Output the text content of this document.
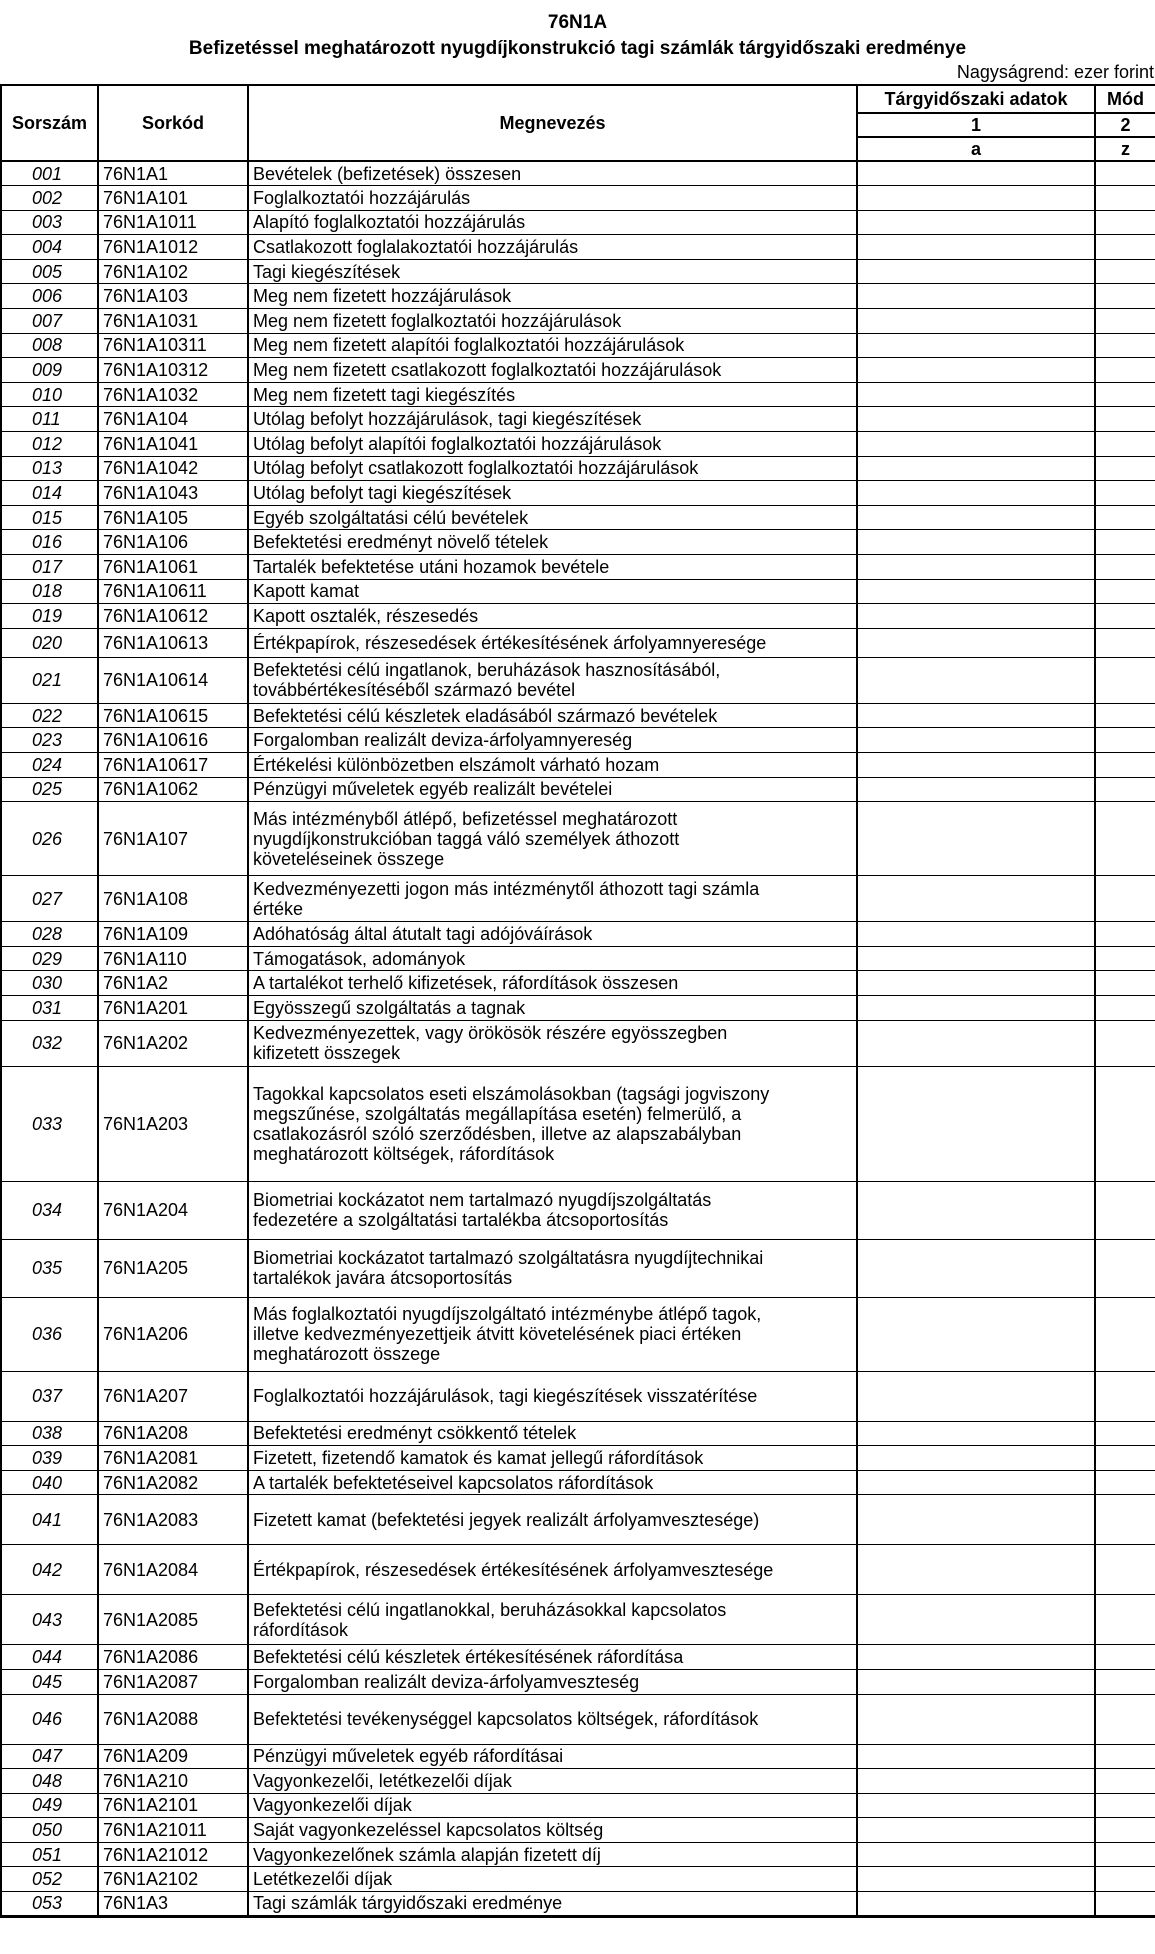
76N1A
Befizetéssel meghatározott nyugdíjkonstrukció tagi számlák tárgyidőszaki eredménye
Nagyságrend: ezer forint
Sorszám	Sorkód	Megnevezés	Tárgyidőszaki adatok	Mód
			1	2
			a	z
001	76N1A1	Bevételek (befizetések) összesen		

002	76N1A101	Foglalkoztatói hozzájárulás		

003	76N1A1011	Alapító foglalkoztatói hozzájárulás		

004	76N1A1012	Csatlakozott foglalakoztatói hozzájárulás		

005	76N1A102	Tagi kiegészítések		

006	76N1A103	Meg nem fizetett hozzájárulások		

007	76N1A1031	Meg nem fizetett foglalkoztatói hozzájárulások		

008	76N1A10311	Meg nem fizetett alapítói foglalkoztatói hozzájárulások		

009	76N1A10312	Meg nem fizetett csatlakozott foglalkoztatói hozzájárulások		

010	76N1A1032	Meg nem fizetett tagi kiegészítés		

011	76N1A104	Utólag befolyt hozzájárulások, tagi kiegészítések		

012	76N1A1041	Utólag befolyt alapítói foglalkoztatói hozzájárulások		

013	76N1A1042	Utólag befolyt csatlakozott foglalkoztatói hozzájárulások		

014	76N1A1043	Utólag befolyt tagi kiegészítések		

015	76N1A105	Egyéb szolgáltatási célú bevételek		

016	76N1A106	Befektetési eredményt növelő tételek		

017	76N1A1061	Tartalék befektetése utáni hozamok bevétele		

018	76N1A10611	Kapott kamat		

019	76N1A10612	Kapott osztalék, részesedés		

020	76N1A10613	Értékpapírok, részesedések értékesítésének árfolyamnyeresége		

021	76N1A10614	Befektetési célú ingatlanok, beruházások hasznosításából,
továbbértékesítéséből származó bevétel		

022	76N1A10615	Befektetési célú készletek eladásából származó bevételek		

023	76N1A10616	Forgalomban realizált deviza-árfolyamnyereség		

024	76N1A10617	Értékelési különbözetben elszámolt várható hozam		

025	76N1A1062	Pénzügyi műveletek egyéb realizált bevételei		

026	76N1A107	Más intézményből átlépő, befizetéssel meghatározott
nyugdíjkonstrukcióban taggá váló személyek áthozott
követeléseinek összege		

027	76N1A108	Kedvezményezetti jogon más intézménytől áthozott tagi számla
értéke		

028	76N1A109	Adóhatóság által átutalt tagi adójóváírások		

029	76N1A110	Támogatások, adományok		

030	76N1A2	A tartalékot terhelő kifizetések, ráfordítások összesen		

031	76N1A201	Egyösszegű szolgáltatás a tagnak		

032	76N1A202	Kedvezményezettek, vagy örökösök részére egyösszegben
kifizetett összegek		

033	76N1A203	Tagokkal kapcsolatos eseti elszámolásokban (tagsági jogviszony
megszűnése, szolgáltatás megállapítása esetén) felmerülő, a
csatlakozásról szóló szerződésben, illetve az alapszabályban
meghatározott költségek, ráfordítások		

034	76N1A204	Biometriai kockázatot nem tartalmazó nyugdíjszolgáltatás
fedezetére a szolgáltatási tartalékba átcsoportosítás		

035	76N1A205	Biometriai kockázatot tartalmazó szolgáltatásra nyugdíjtechnikai
tartalékok javára átcsoportosítás		

036	76N1A206	Más foglalkoztatói nyugdíjszolgáltató intézménybe átlépő tagok,
illetve kedvezményezettjeik átvitt követelésének piaci értéken
meghatározott összege		

037	76N1A207	Foglalkoztatói hozzájárulások, tagi kiegészítések visszatérítése		

038	76N1A208	Befektetési eredményt csökkentő tételek		

039	76N1A2081	Fizetett, fizetendő kamatok és kamat jellegű ráfordítások		

040	76N1A2082	A tartalék befektetéseivel kapcsolatos ráfordítások		

041	76N1A2083	Fizetett kamat (befektetési jegyek realizált árfolyamvesztesége)		

042	76N1A2084	Értékpapírok, részesedések értékesítésének árfolyamvesztesége		

043	76N1A2085	Befektetési célú ingatlanokkal, beruházásokkal kapcsolatos
ráfordítások		

044	76N1A2086	Befektetési célú készletek értékesítésének ráfordítása		

045	76N1A2087	Forgalomban realizált deviza-árfolyamveszteség		

046	76N1A2088	Befektetési tevékenységgel kapcsolatos költségek, ráfordítások		

047	76N1A209	Pénzügyi műveletek egyéb ráfordításai		

048	76N1A210	Vagyonkezelői, letétkezelői díjak		

049	76N1A2101	Vagyonkezelői díjak		

050	76N1A21011	Saját vagyonkezeléssel kapcsolatos költség		

051	76N1A21012	Vagyonkezelőnek számla alapján fizetett díj		

052	76N1A2102	Letétkezelői díjak		

053	76N1A3	Tagi számlák tárgyidőszaki eredménye		
